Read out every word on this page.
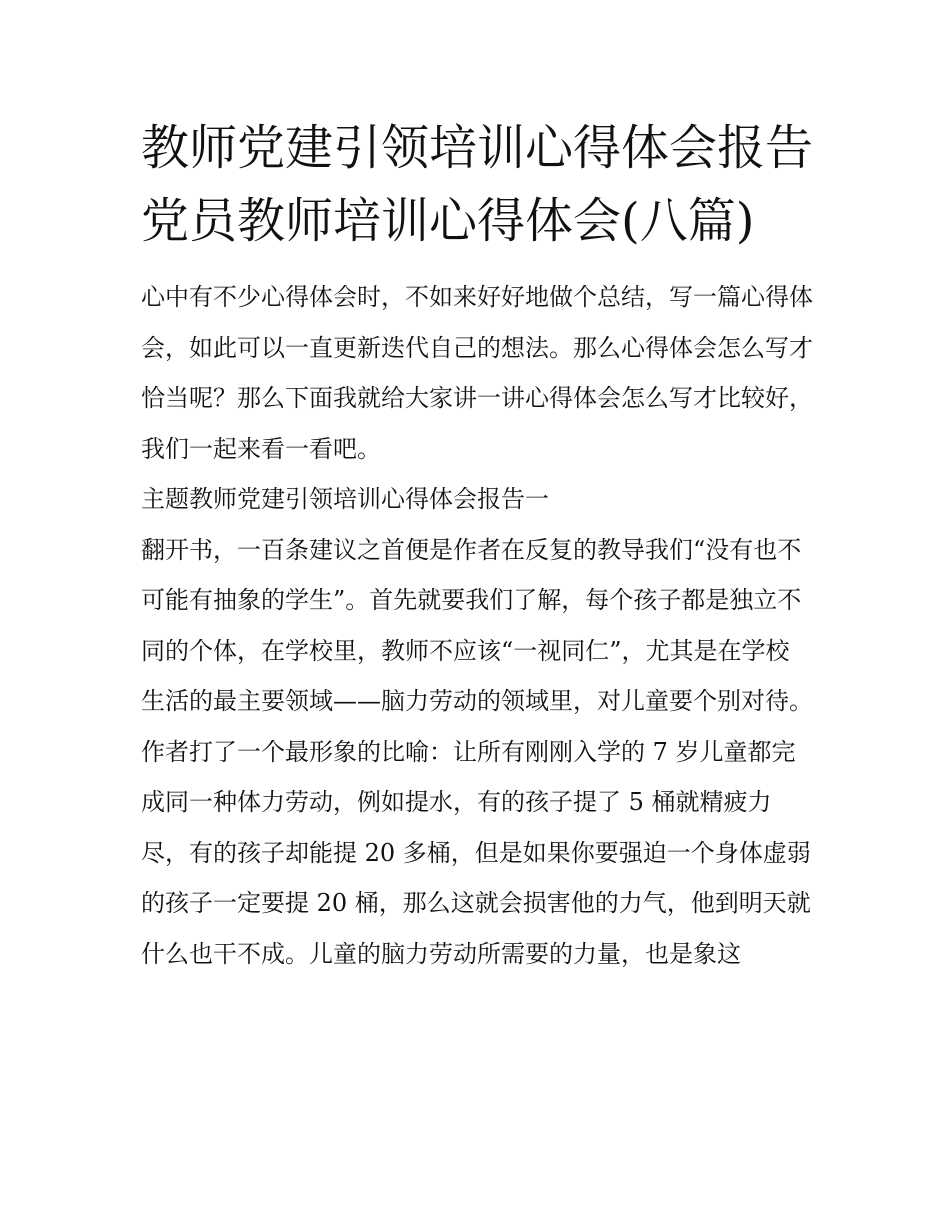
教师党建引领培训心得体会报告 党员教师培训心得体会(八篇)

心中有不少心得体会时，不如来好好地做个总结，写一篇心得体会，如此可以一直更新迭代自己的想法。那么心得体会怎么写才恰当呢？那么下面我就给大家讲一讲心得体会怎么写才比较好，我们一起来看一看吧。

主题教师党建引领培训心得体会报告一

翻开书，一百条建议之首便是作者在反复的教导我们“没有也不可能有抽象的学生”。首先就要我们了解，每个孩子都是独立不同的个体，在学校里，教师不应该“一视同仁”，尤其是在学校生活的最主要领域——脑力劳动的领域里，对儿童要个别对待。

作者打了一个最形象的比喻：让所有刚刚入学的 7 岁儿童都完成同一种体力劳动，例如提水，有的孩子提了 5 桶就精疲力尽，有的孩子却能提 20 多桶，但是如果你要强迫一个身体虚弱的孩子一定要提 20 桶，那么这就会损害他的力气，他到明天就什么也干不成。儿童的脑力劳动所需要的力量，也是象这
